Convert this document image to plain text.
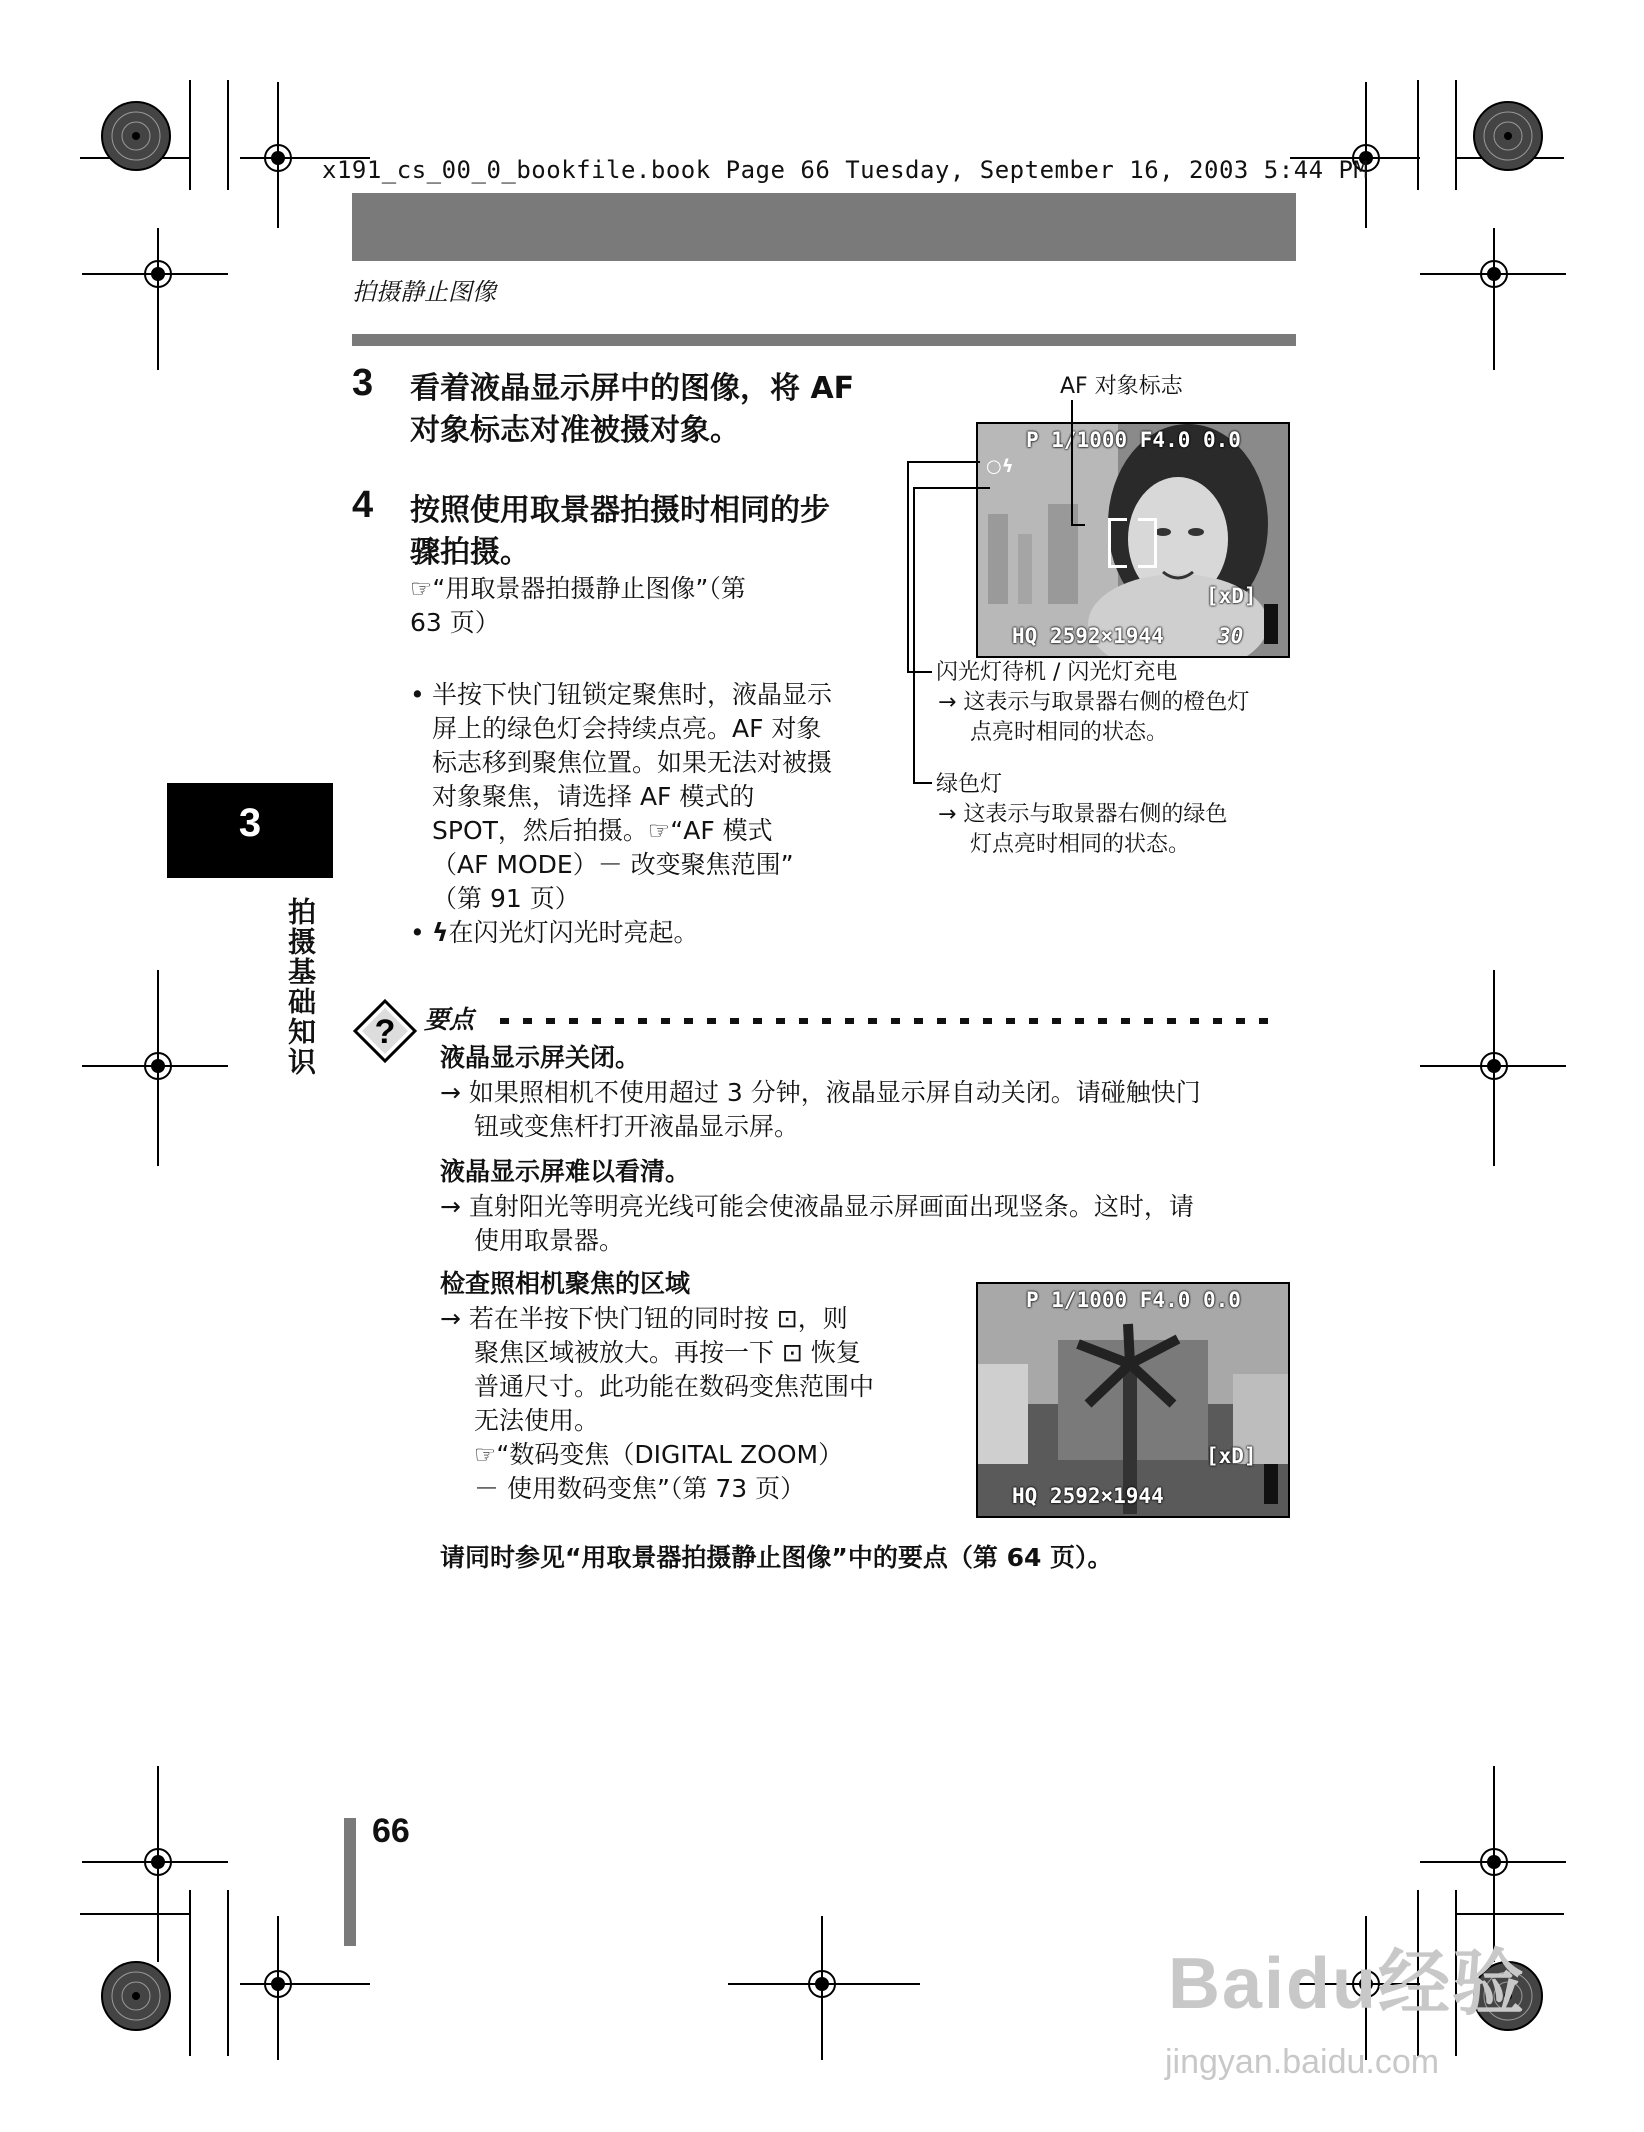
x191_cs_00_0_bookfile.book Page 66 Tuesday, September 16, 2003 5:44 PM
拍摄静止图像
3
拍摄基础知识
3 看着液晶显示屏中的图像，将 AF
对象标志对准被摄对象。
4 按照使用取景器拍摄时相同的步
骤拍摄。
☞“用取景器拍摄静止图像”（第
63 页）
• 半按下快门钮锁定聚焦时，液晶显示
屏上的绿色灯会持续点亮。AF 对象
标志移到聚焦位置。如果无法对被摄
对象聚焦，请选择 AF 模式的
SPOT，然后拍摄。☞“AF 模式
（AF MODE）－ 改变聚焦范围”
（第 91 页）
• ϟ在闪光灯闪光时亮起。
AF 对象标志
P 1/1000 F4.0 0.0
[xD]
HQ 2592×1944	30
○ϟ
闪光灯待机 / 闪光灯充电
→ 这表示与取景器右侧的橙色灯
点亮时相同的状态。
绿色灯
→ 这表示与取景器右侧的绿色
灯点亮时相同的状态。
? 要点
液晶显示屏关闭。
→ 如果照相机不使用超过 3 分钟，液晶显示屏自动关闭。请碰触快门
钮或变焦杆打开液晶显示屏。
液晶显示屏难以看清。
→ 直射阳光等明亮光线可能会使液晶显示屏画面出现竖条。这时，请
使用取景器。
检查照相机聚焦的区域
→ 若在半按下快门钮的同时按 ⊡，则
聚焦区域被放大。再按一下 ⊡ 恢复
普通尺寸。此功能在数码变焦范围中
无法使用。
☞“数码变焦（DIGITAL ZOOM）
－ 使用数码变焦”（第 73 页）
P 1/1000 F4.0 0.0
[xD]
HQ 2592×1944
请同时参见“用取景器拍摄静止图像”中的要点（第 64 页）。
66
Baidu经验
jingyan.baidu.com
